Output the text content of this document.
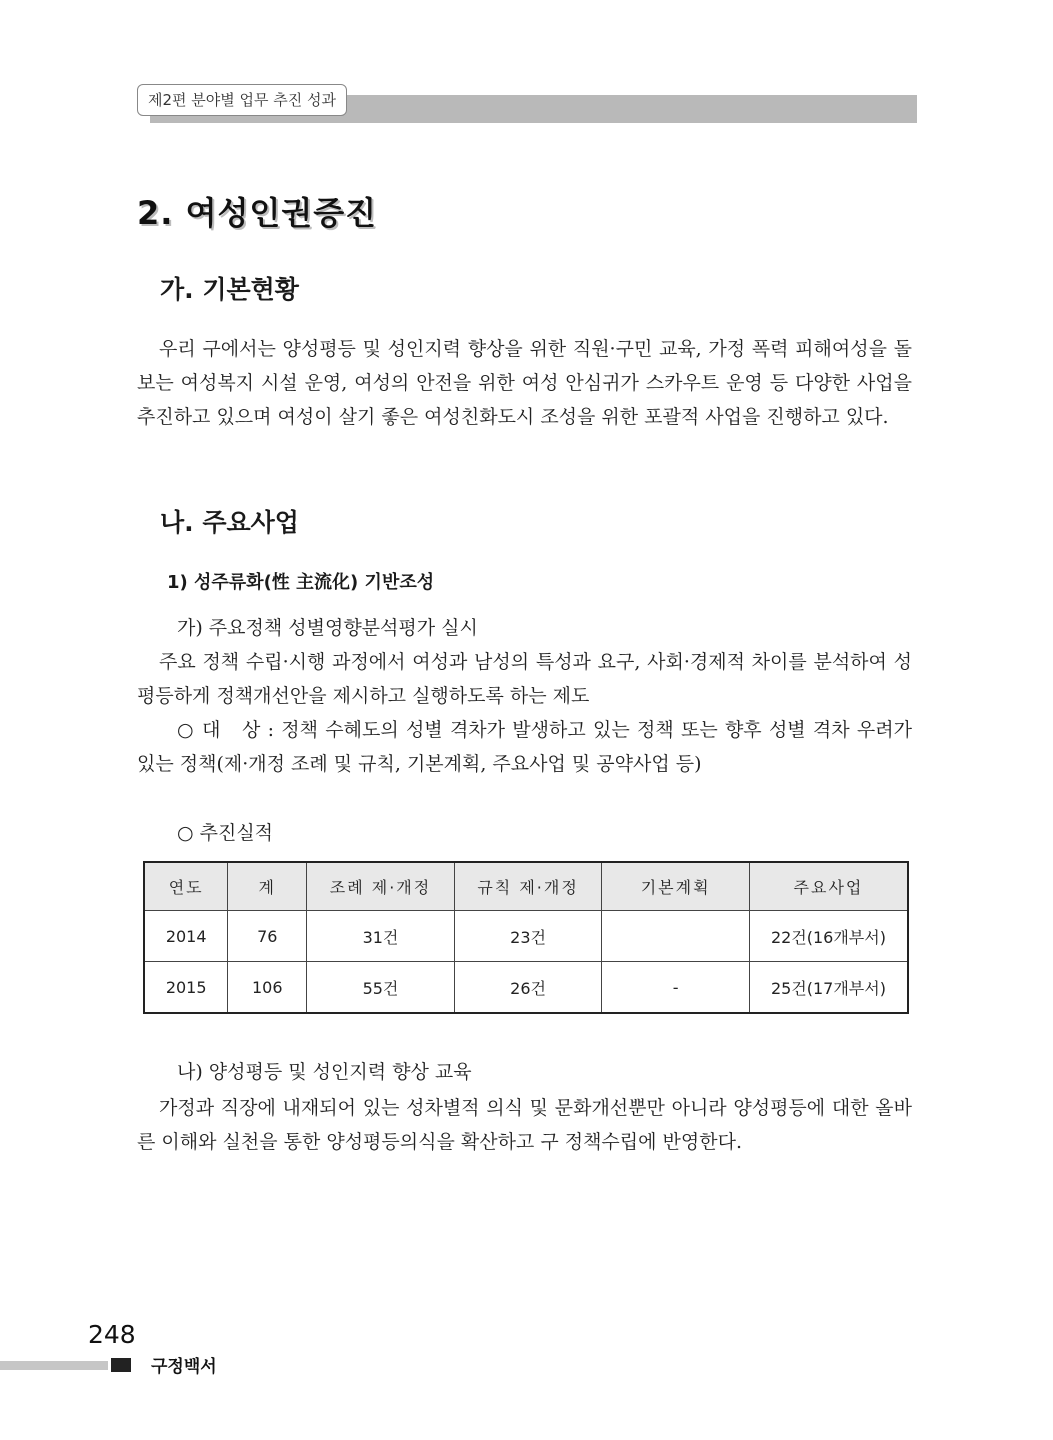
제2편 분야별 업무 추진 성과
2. 여성인권증진
가. 기본현황

우리 구에서는 양성평등 및 성인지력 향상을 위한 직원·구민 교육, 가정 폭력 피해여성을 돌보는 여성복지 시설 운영, 여성의 안전을 위한 여성 안심귀가 스카우트 운영 등 다양한 사업을 추진하고 있으며 여성이 살기 좋은 여성친화도시 조성을 위한 포괄적 사업을 진행하고 있다.

나. 주요사업
1) 성주류화(性 主流化) 기반조성

가) 주요정책 성별영향분석평가 실시

주요 정책 수립·시행 과정에서 여성과 남성의 특성과 요구, 사회·경제적 차이를 분석하여 성평등하게 정책개선안을 제시하고 실행하도록 하는 제도

○ 대　상 : 정책 수혜도의 성별 격차가 발생하고 있는 정책 또는 향후 성별 격차 우려가 있는 정책(제·개정 조례 및 규칙, 기본계획, 주요사업 및 공약사업 등)

○ 추진실적

연도	계	조례 제·개정	규칙 제·개정	기본계획	주요사업
2014	76	31건	23건		22건(16개부서)
2015	106	55건	26건	-	25건(17개부서)

나) 양성평등 및 성인지력 향상 교육

가정과 직장에 내재되어 있는 성차별적 의식 및 문화개선뿐만 아니라 양성평등에 대한 올바른 이해와 실천을 통한 양성평등의식을 확산하고 구 정책수립에 반영한다.

248
구정백서
